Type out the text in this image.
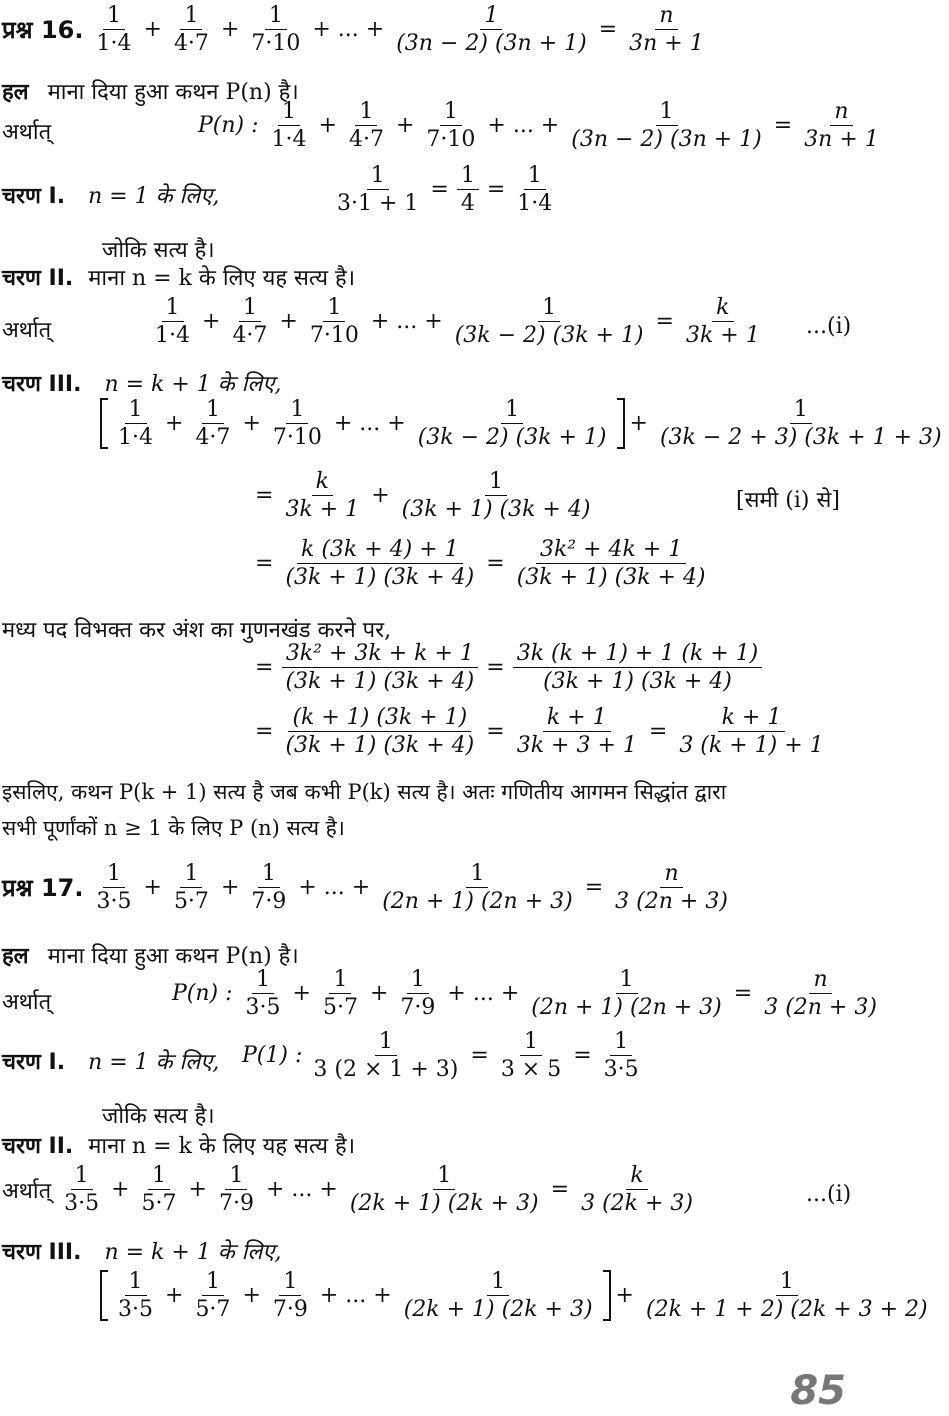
प्रश्न 16. $\frac{1}{1\cdot 4} + \frac{1}{4\cdot 7} + \frac{1}{7\cdot 10}$ + ... + $\frac{1}{(3n - 2) (3n + 1)} = \frac{n}{3n + 1}$
हल माना दिया हुआ कथन P(n) है।
अर्थात्	P(n) : $\frac{1}{1\cdot 4} + \frac{1}{4\cdot 7} + \frac{1}{7\cdot 10}$ + ... + $\frac{1}{(3n - 2) (3n + 1)} = \frac{n}{3n + 1}$
चरण I. n = 1 के लिए,	$\frac{1}{3\cdot 1 + 1} = \frac{1}{4} = \frac{1}{1\cdot 4}$
जोकि सत्य है।
चरण II. माना n = k के लिए यह सत्य है।
अर्थात्	$\frac{1}{1\cdot 4} + \frac{1}{4\cdot 7} + \frac{1}{7\cdot 10}$ + ... + $\frac{1}{(3k - 2) (3k + 1)} = \frac{k}{3k + 1} ...(i)$
चरण III. n = k + 1 के लिए,
$\frac{1}{1\cdot 4} + \frac{1}{4\cdot 7} + \frac{1}{7\cdot 10}$ + ... + $\frac{1}{(3k - 2) (3k + 1)} + \frac{1}{(3k - 2 + 3) (3k + 1 + 3)}$
= $\frac{k}{3k + 1} + \frac{1}{(3k + 1) (3k + 4)}$	[समी (i) से]
= $\frac{k (3k + 4) + 1}{(3k + 1) (3k + 4)} = \frac{\text{3k² + 4k + 1}}{(3k + 1) (3k + 4)}$
मध्य पद विभक्त कर अंश का गुणनखंड करने पर,
= $\frac{\text{3k² + 3k + k + 1}}{(3k + 1) (3k + 4)} = \frac{3k (k + 1) + 1 (k + 1)}{(3k + 1) (3k + 4)}$
= $\frac{(k + 1) (3k + 1)}{(3k + 1) (3k + 4)} = \frac{k + 1}{3k + 3 + 1} = \frac{k + 1}{3 (k + 1) + 1}$
इसलिए, कथन P(k + 1) सत्य है जब कभी P(k) सत्य है। अतः गणितीय आगमन सिद्धांत द्वारा
सभी पूर्णांकों n ≥ 1 के लिए P (n) सत्य है।
प्रश्न 17. $\frac{1}{3\cdot 5} + \frac{1}{5\cdot 7} + \frac{1}{7\cdot 9}$ + ... + $\frac{1}{(2n + 1) (2n + 3)} = \frac{n}{3 (2n + 3)}$
हल माना दिया हुआ कथन P(n) है।
अर्थात्	P(n) : $\frac{1}{3\cdot 5} + \frac{1}{5\cdot 7} + \frac{1}{7\cdot 9}$ + ... + $\frac{1}{(2n + 1) (2n + 3)} = \frac{n}{3 (2n + 3)}$
चरण I. n = 1 के लिए, P(1) : $\frac{1}{3 (2 \times 1 + 3)} = \frac{1}{3 \times 5} = \frac{1}{3\cdot 5}$
जोकि सत्य है।
चरण II. माना n = k के लिए यह सत्य है।
अर्थात् $\frac{1}{3\cdot 5} + \frac{1}{5\cdot 7} + \frac{1}{7\cdot 9}$ + ... + $\frac{1}{(2k + 1) (2k + 3)} = \frac{k}{3 (2k + 3)}$	...(i)
चरण III. n = k + 1 के लिए,
$\frac{1}{3\cdot 5} + \frac{1}{5\cdot 7} + \frac{1}{7\cdot 9}$ + ... + $\frac{1}{(2k + 1) (2k + 3)} + \frac{1}{(2k + 1 + 2) (2k + 3 + 2)}$
85
